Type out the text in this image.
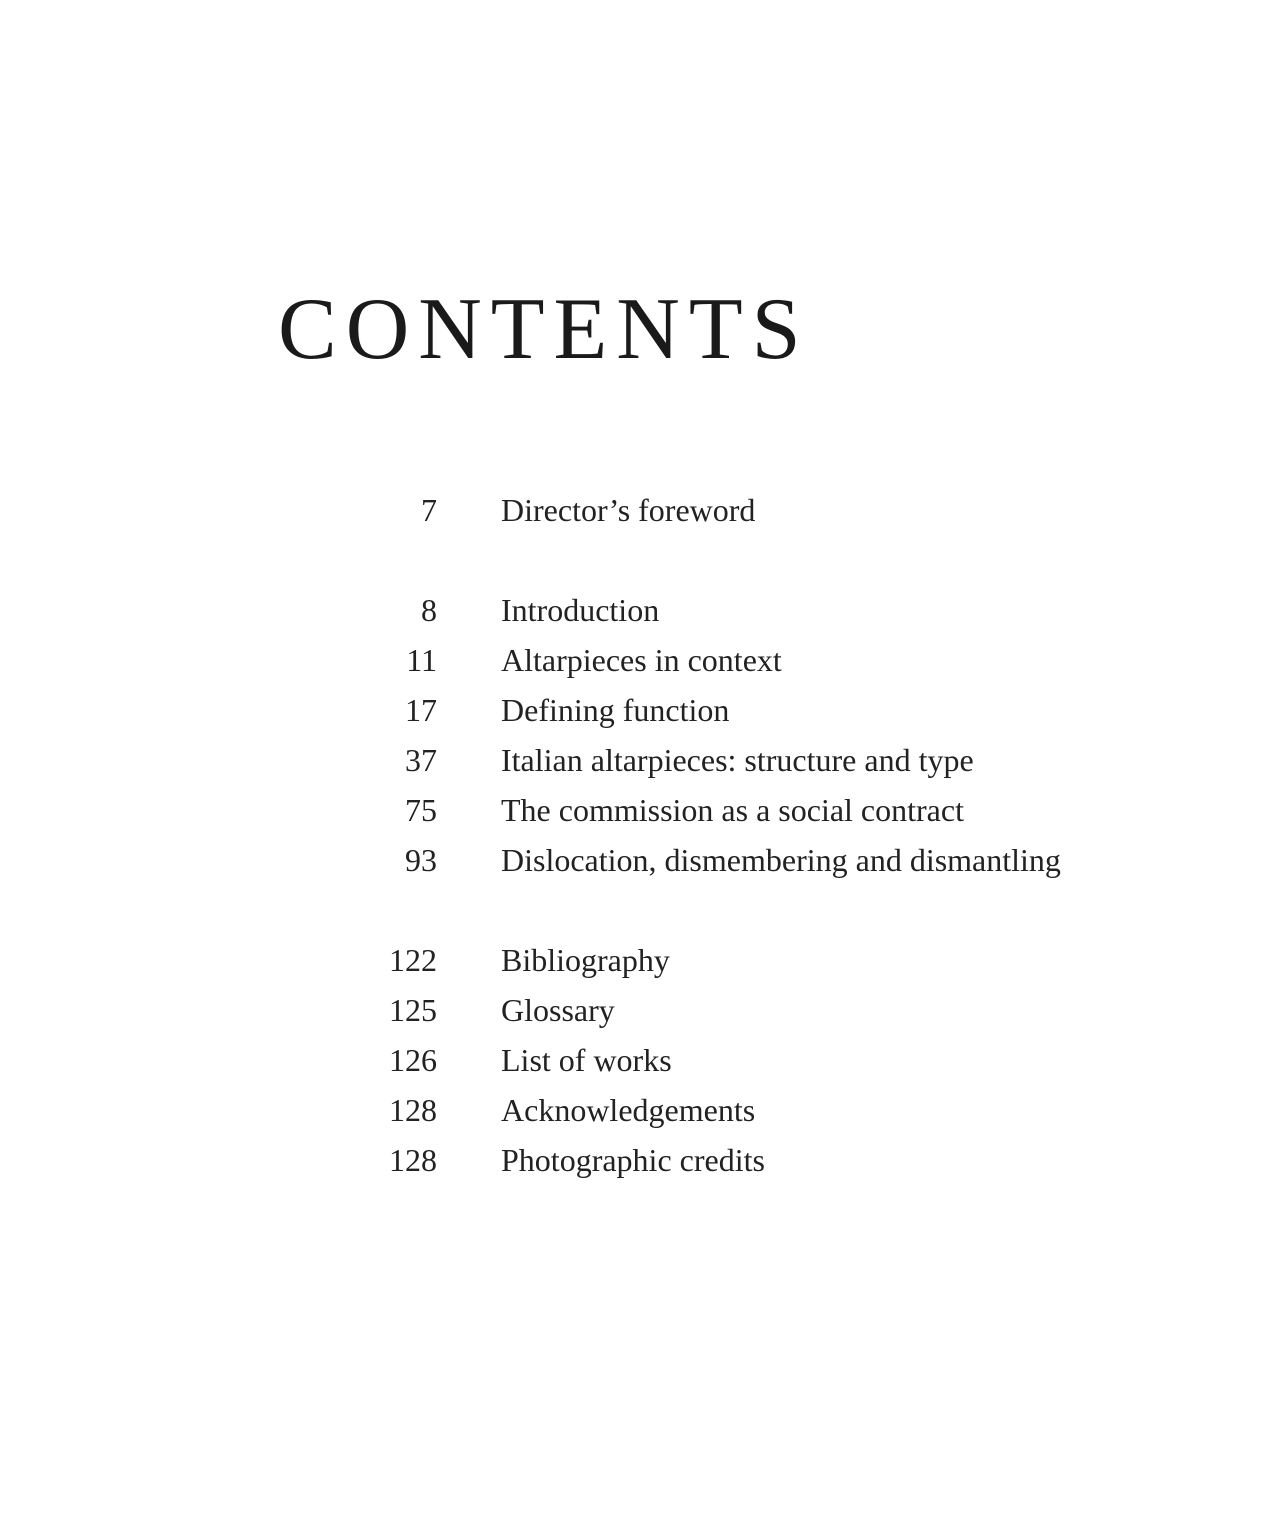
CONTENTS
7 Director’s foreword
8 Introduction
11 Altarpieces in context
17 Defining function
37 Italian altarpieces: structure and type
75 The commission as a social contract
93 Dislocation, dismembering and dismantling
122 Bibliography
125 Glossary
126 List of works
128 Acknowledgements
128 Photographic credits
